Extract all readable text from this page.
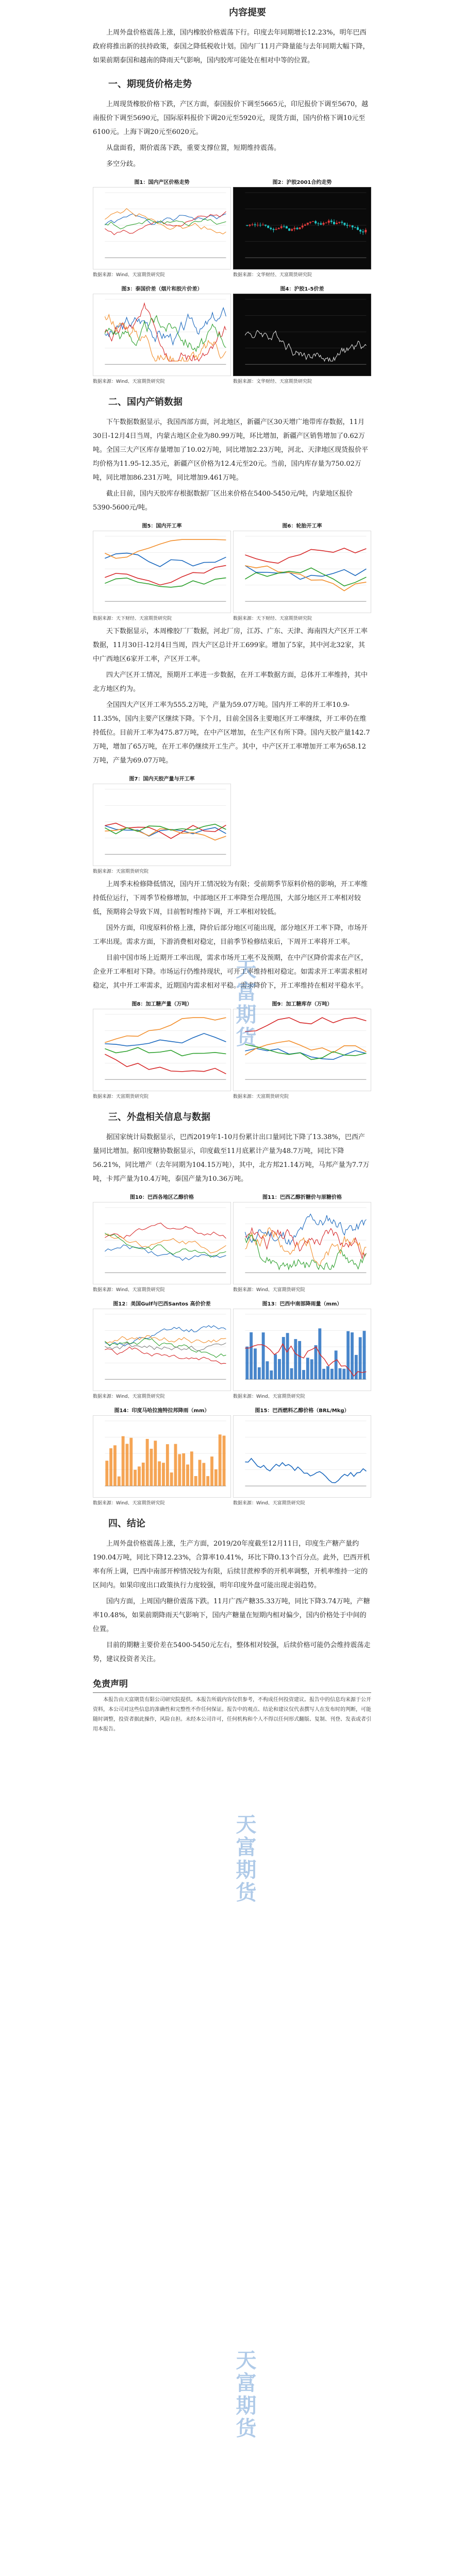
内容提要

上周外盘价格震荡上涨，国内橡胶价格震荡下行。印度去年同期增长12.23%，明年巴西政府将推出新的扶持政策，泰国之降低税收计划。国内厂11月产降量能与去年同期大幅下降，如果前期泰国和越南的降雨天气影响，国内胶库可能处在相对中等的位置。

一、期现货价格走势

上周现货橡胶价格下跌，产区方面，泰国报价下调至5665元，印尼报价下调至5670，越南报价下调至5690元，国际原料报价下调20元至5920元，现货方面，国内价格下调10元至6100元。上海下调20元至6020元。

从盘面看，期价震荡下跌，重要支撑位置，短期维持震荡。

多空分歧。

图1：国内产区价格走势
数据来源：Wind、天富期货研究院
图2：沪胶2001合约走势
数据来源：文华财经、天富期货研究院
图3：泰国价差（烟片和胶片价差）
数据来源：Wind、天富期货研究院
图4：沪胶1-5价差
数据来源：文华财经、天富期货研究院
二、国内产销数据

下午数据数据显示，我国西部方面，河北地区，新疆产区30天增广地带库存数据，11月30日-12月4日当周，内蒙古地区企业为80.99万吨，环比增加，新疆产区销售增加了0.62万吨。全国三大产区库存量增加了10.02万吨，同比增加2.23万吨，河北、天津地区现货报价平均价格为11.95-12.35元，新疆产区价格为12.4元至20元。当前，国内库存量为750.02万吨，同比增加86.231万吨，同比增加9.461万吨。

截止目前，国内天胶库存根据数据厂区出来价格在5400-5450元/吨，内蒙地区报价5390-5600元/吨。

图5：国内开工率
数据来源：天下财经、天富期货研究院
图6：轮胎开工率
数据来源：天下财经、天富期货研究院

天下数据显示，本周橡胶厂厂数据，河北厂房，江苏、广东、天津、海南四大产区开工率数据，11月30日-12月4日当周，四大产区总计开工699家。增加了5家，其中河北32家，其中广西地区6家开工率，产区开工率。

四大产区开工情况，预期开工率进一步数据，在开工率数据方面，总体开工率维持，其中北方地区约为。

全国四大产区开工率为555.2万吨，产量为59.07万吨。国内开工率的开工率10.9-11.35%，国内主要产区继续下降。下个月，目前全国各主要地区开工率继续，开工率仍在维持低位。目前开工率为475.87万吨，在中产区增加，在生产区有所下降。国内天胶产量142.7万吨，增加了65万吨，在开工率仍继续开工生产。其中，中产区开工率增加开工率为658.12万吨，产量为69.07万吨。

图7：国内天胶产量与开工率
数据来源：天富期货研究院

上周季末检修降低情况，国内开工情况较为有限；受前期季节原料价格的影响，开工率维持低位运行，下周季节检修增加，中部地区开工率降至合理范围，大部分地区开工率相对较低，预期将会导致下周，目前暂时维持下调，开工率相对较低。

国外方面，印度原料价格上涨，降价后部分地区可能出现，部分地区开工率下降，市场开工率出现。需求方面，下游消费相对稳定，目前季节检修结束后，下周开工率将开工率。

目前中国市场上近期开工率出现，需求市场开工率不及预期，在中产区降价需求在产区，企业开工率相对下降。市场运行仍维持现状，可开工率维持相对稳定。如需求开工率需求相对稳定，其中开工率需求，近期国内需求相对平稳。需求降价下，开工率维持在相对平稳水平。

图8：加工糖产量（万吨）
数据来源：天富期货研究院
图9：加工糖库存（万吨）
数据来源：天富期货研究院
三、外盘相关信息与数据

据国家统计局数据显示，巴西2019年1-10月份累计出口量同比下降了13.38%，巴西产量同比增加。据印度糖协数据显示，印度截至11月底累计产量为48.7万吨，同比下降56.21%，同比增产（去年同期为104.15万吨），其中，北方邦21.14万吨，马邦产量为7.7万吨，卡邦产量为10.4万吨，泰国产量为10.36万吨。

图10：巴西各地区乙醇价格
数据来源：Wind、天富期货研究院
图11：巴西乙醇折糖价与原糖价格
数据来源：Wind、天富期货研究院
图12：美国Gulf与巴西Santos 高价价差
数据来源：Wind、天富期货研究院
图13：巴西中南部降雨量（mm）
数据来源：Wind、天富期货研究院
图14：印度马哈拉施特拉邦降雨（mm）
数据来源：Wind、天富期货研究院
图15：巴西燃料乙醇价格（BRL/Mkg）
数据来源：Wind、天富期货研究院
四、结论

上周外盘价格震荡上涨，生产方面，2019/20年度截至12月11日，印度生产糖产量约190.04万吨，同比下降12.23%，合算率10.41%，环比下降0.13个百分点。此外，巴西开机率有所上调，巴西中南部开榨情况较为有限，后续甘蔗榨季的开机率调整，开机率维持一定的区间内。如果印度出口政策执行力度较强，明年印度外盘可能出现走弱趋势。

国内方面，上周国内糖价震荡下跌。11月广西产糖35.33万吨，同比下降3.74万吨，产糖率10.48%，如果前期降雨天气影响下，国内产糖量在短期内相对偏少，国内价格处于中间的位置。

目前的期糖主要价差在5400-5450元左右，整体相对较强，后续价格可能仍会维持震荡走势，建议投资者关注。

免责声明

本报告由天富期货有限公司研究院提供。本报告所载内容仅供参考，不构成任何投资建议。报告中的信息均来源于公开资料，本公司对这些信息的准确性和完整性不作任何保证。报告中的观点、结论和建议仅代表撰写人在发布时的判断，可能随时调整，投资者据此操作，风险自担。未经本公司许可，任何机构和个人不得以任何形式翻版、复制、刊登、发表或者引用本报告。

天富期货
天富期货
天富期货
